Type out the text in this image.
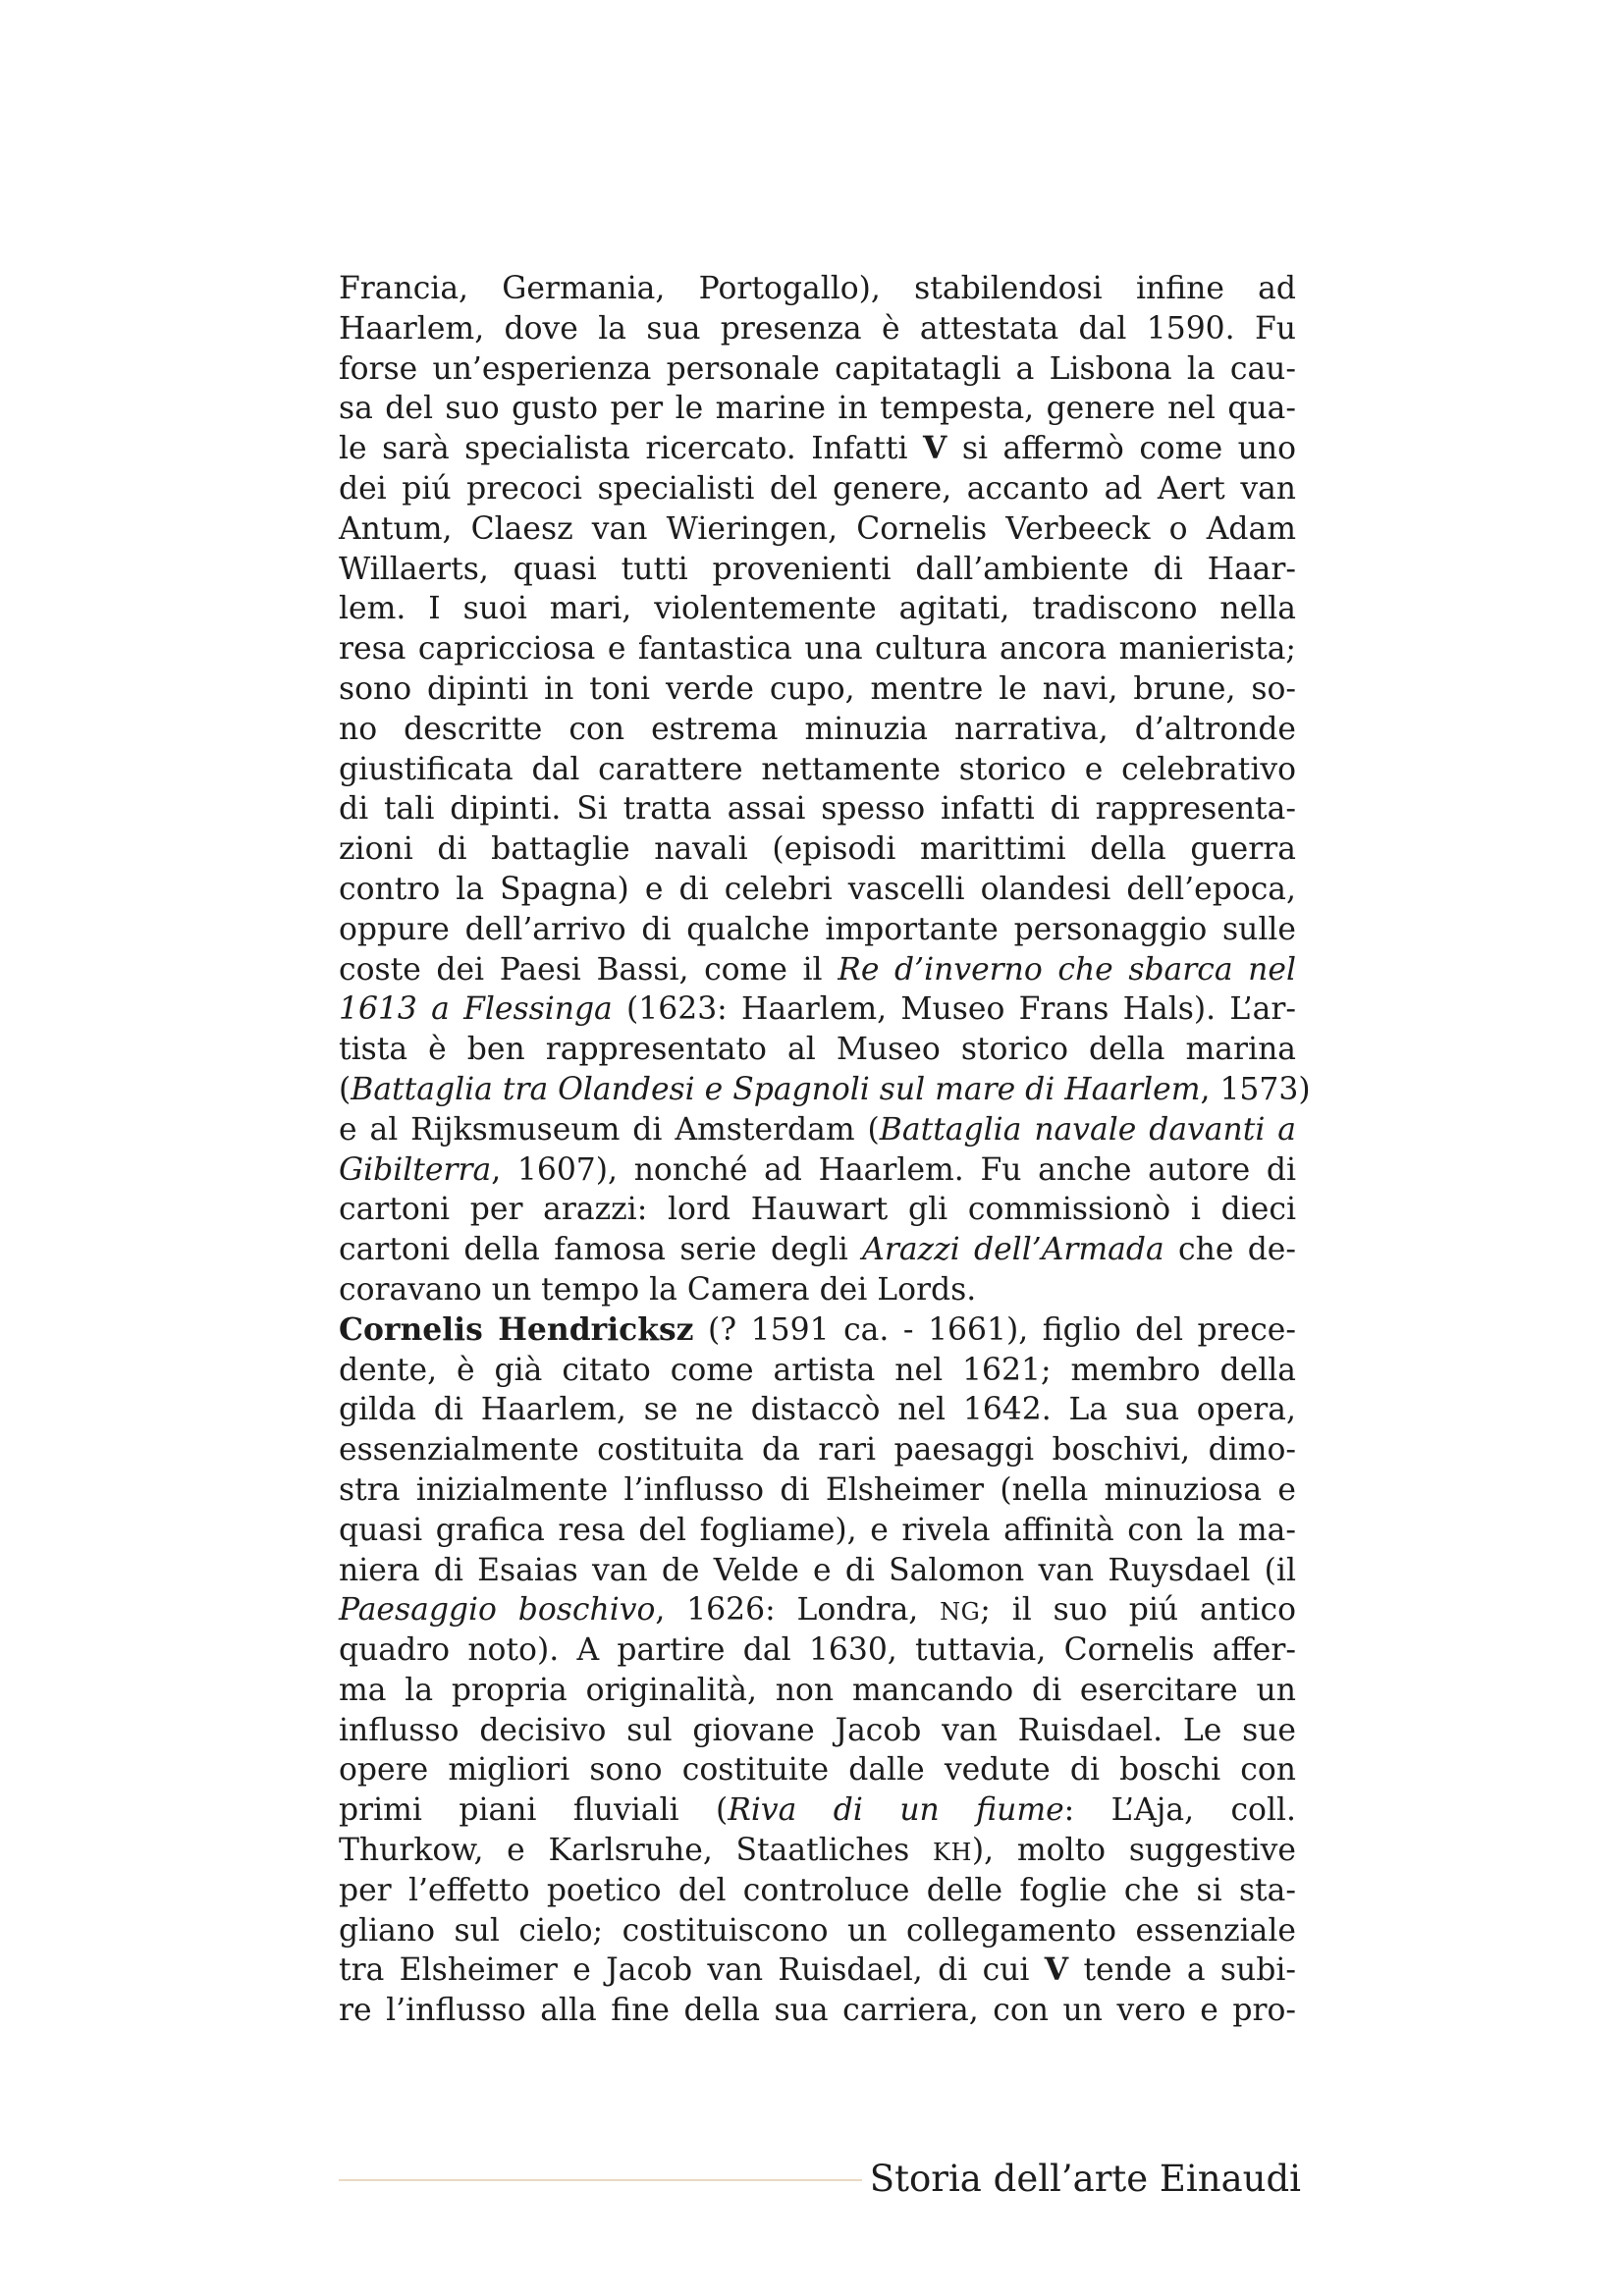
Francia, Germania, Portogallo), stabilendosi infine ad
Haarlem, dove la sua presenza è attestata dal 1590. Fu
forse un’esperienza personale capitatagli a Lisbona la cau-
sa del suo gusto per le marine in tempesta, genere nel qua-
le sarà specialista ricercato. Infatti V si affermò come uno
dei piú precoci specialisti del genere, accanto ad Aert van
Antum, Claesz van Wieringen, Cornelis Verbeeck o Adam
Willaerts, quasi tutti provenienti dall’ambiente di Haar-
lem. I suoi mari, violentemente agitati, tradiscono nella
resa capricciosa e fantastica una cultura ancora manierista;
sono dipinti in toni verde cupo, mentre le navi, brune, so-
no descritte con estrema minuzia narrativa, d’altronde
giustificata dal carattere nettamente storico e celebrativo
di tali dipinti. Si tratta assai spesso infatti di rappresenta-
zioni di battaglie navali (episodi marittimi della guerra
contro la Spagna) e di celebri vascelli olandesi dell’epoca,
oppure dell’arrivo di qualche importante personaggio sulle
coste dei Paesi Bassi, come il Re d’inverno che sbarca nel
1613 a Flessinga (1623: Haarlem, Museo Frans Hals). L’ar-
tista è ben rappresentato al Museo storico della marina
(Battaglia tra Olandesi e Spagnoli sul mare di Haarlem, 1573)
e al Rijksmuseum di Amsterdam (Battaglia navale davanti a
Gibilterra, 1607), nonché ad Haarlem. Fu anche autore di
cartoni per arazzi: lord Hauwart gli commissionò i dieci
cartoni della famosa serie degli Arazzi dell’Armada che de-
coravano un tempo la Camera dei Lords.
Cornelis Hendricksz (? 1591 ca. - 1661), figlio del prece-
dente, è già citato come artista nel 1621; membro della
gilda di Haarlem, se ne distaccò nel 1642. La sua opera,
essenzialmente costituita da rari paesaggi boschivi, dimo-
stra inizialmente l’influsso di Elsheimer (nella minuziosa e
quasi grafica resa del fogliame), e rivela affinità con la ma-
niera di Esaias van de Velde e di Salomon van Ruysdael (il
Paesaggio boschivo, 1626: Londra, NG; il suo piú antico
quadro noto). A partire dal 1630, tuttavia, Cornelis affer-
ma la propria originalità, non mancando di esercitare un
influsso decisivo sul giovane Jacob van Ruisdael. Le sue
opere migliori sono costituite dalle vedute di boschi con
primi piani fluviali (Riva di un fiume: L’Aja, coll.
Thurkow, e Karlsruhe, Staatliches KH), molto suggestive
per l’effetto poetico del controluce delle foglie che si sta-
gliano sul cielo; costituiscono un collegamento essenziale
tra Elsheimer e Jacob van Ruisdael, di cui V tende a subi-
re l’influsso alla fine della sua carriera, con un vero e pro-
Storia dell’arte Einaudi
